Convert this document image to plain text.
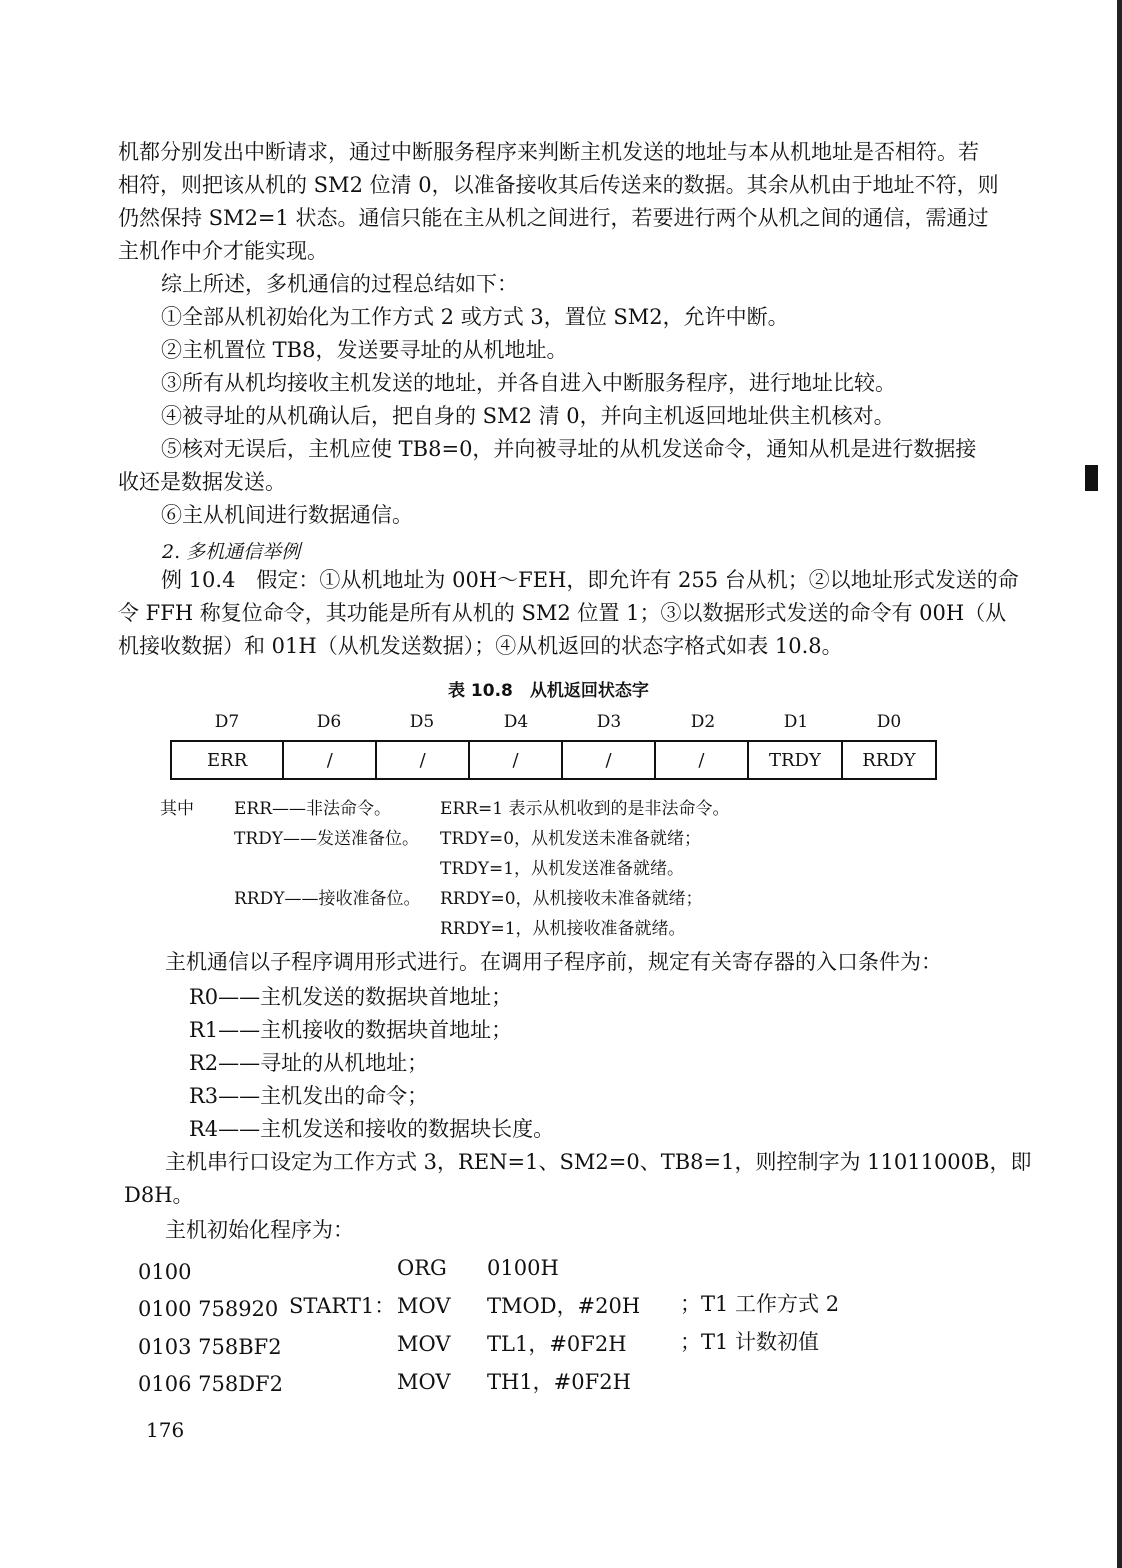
机都分别发出中断请求，通过中断服务程序来判断主机发送的地址与本从机地址是否相符。若
相符，则把该从机的 SM2 位清 0，以准备接收其后传送来的数据。其余从机由于地址不符，则
仍然保持 SM2=1 状态。通信只能在主从机之间进行，若要进行两个从机之间的通信，需通过
主机作中介才能实现。
综上所述，多机通信的过程总结如下：
①全部从机初始化为工作方式 2 或方式 3，置位 SM2，允许中断。
②主机置位 TB8，发送要寻址的从机地址。
③所有从机均接收主机发送的地址，并各自进入中断服务程序，进行地址比较。
④被寻址的从机确认后，把自身的 SM2 清 0，并向主机返回地址供主机核对。
⑤核对无误后，主机应使 TB8=0，并向被寻址的从机发送命令，通知从机是进行数据接
收还是数据发送。
⑥主从机间进行数据通信。
2. 多机通信举例
例 10.4　假定：①从机地址为 00H～FEH，即允许有 255 台从机；②以地址形式发送的命
令 FFH 称复位命令，其功能是所有从机的 SM2 位置 1；③以数据形式发送的命令有 00H（从
机接收数据）和 01H（从机发送数据）；④从机返回的状态字格式如表 10.8。
表 10.8　从机返回状态字
D7	D6	D5	D4	D3	D2	D1	D0
ERR	/	/	/	/	/	TRDY	RRDY
其中 ERR——非法命令。	ERR=1 表示从机收到的是非法命令。
TRDY——发送准备位。 TRDY=0，从机发送未准备就绪；
TRDY=1，从机发送准备就绪。
RRDY——接收准备位。 RRDY=0，从机接收未准备就绪；
RRDY=1，从机接收准备就绪。
主机通信以子程序调用形式进行。在调用子程序前，规定有关寄存器的入口条件为：
R0——主机发送的数据块首地址；
R1——主机接收的数据块首地址；
R2——寻址的从机地址；
R3——主机发出的命令；
R4——主机发送和接收的数据块长度。
主机串行口设定为工作方式 3，REN=1、SM2=0、TB8=1，则控制字为 11011000B，即
D8H。
主机初始化程序为：
0100	ORG 0100H
0100 758920 START1： MOV TMOD，#20H ；T1 工作方式 2
0103 758BF2	MOV TL1，#0F2H	；T1 计数初值
0106 758DF2	MOV TH1，#0F2H
176
